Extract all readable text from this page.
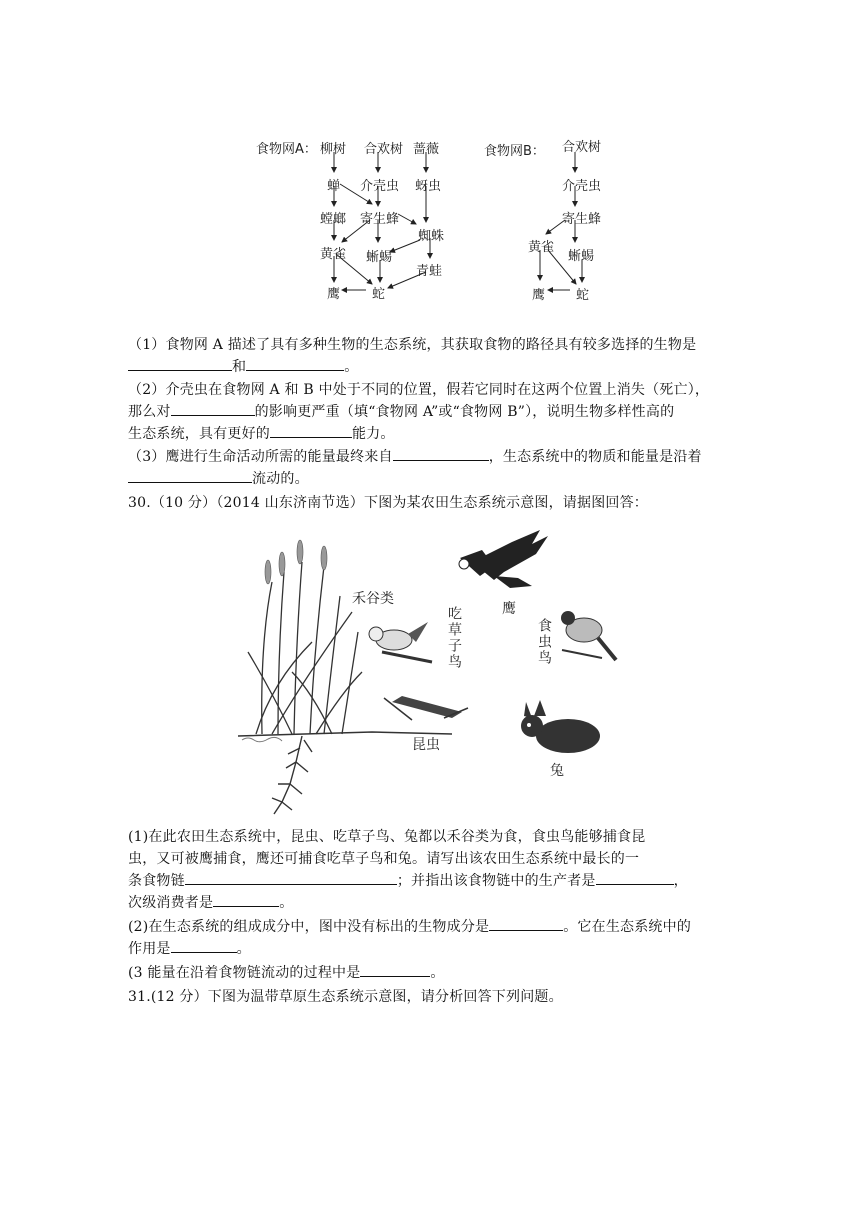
食物网A： 柳树 合欢树 蔷薇
蝉 介壳虫 蚜虫
螳螂 寄生蜂
蜘蛛
黄雀 蜥蜴
青蛙
鹰 蛇
食物网B： 合欢树
介壳虫
寄生蜂
黄雀
蜥蜴
鹰 蛇
（1）食物网 A 描述了具有多种生物的生态系统，其获取食物的路径具有较多选择的生物是
和	。
（2）介壳虫在食物网 A 和 B 中处于不同的位置，假若它同时在这两个位置上消失（死亡），
那么对	的影响更严重（填“食物网 A”或“食物网 B”），说明生物多样性高的
生态系统，具有更好的	能力。
（3）鹰进行生命活动所需的能量最终来自	，生态系统中的物质和能量是沿着
流动的。
30.（10 分）（2014 山东济南节选）下图为某农田生态系统示意图，请据图回答：
禾谷类
鹰
吃草子鸟	食虫鸟
昆虫
兔
(1)在此农田生态系统中，昆虫、吃草子鸟、兔都以禾谷类为食，食虫鸟能够捕食昆
虫，又可被鹰捕食，鹰还可捕食吃草子鸟和兔。请写出该农田生态系统中最长的一
条食物链	；并指出该食物链中的生产者是	，
次级消费者是	。
(2)在生态系统的组成成分中，图中没有标出的生物成分是	。它在生态系统中的
作用是	。
(3 能量在沿着食物链流动的过程中是	。
31.(12 分）下图为温带草原生态系统示意图，请分析回答下列问题。
